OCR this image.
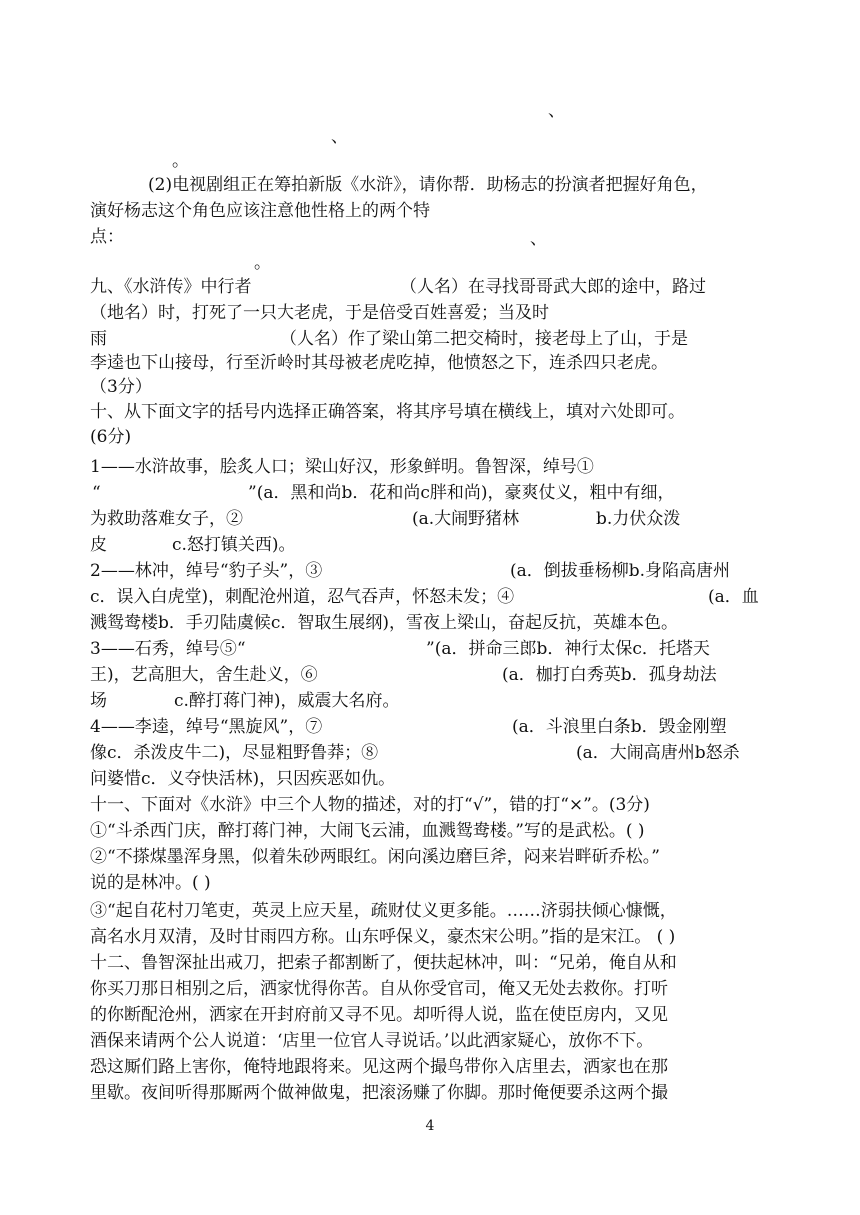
、
、
。
(2)电视剧组正在筹拍新版《水浒》，请你帮．助杨志的扮演者把握好角色，
演好杨志这个角色应该注意他性格上的两个特
点：	、
。
九、《水浒传》中行者	（人名）在寻找哥哥武大郎的途中，路过
（地名）时，打死了一只大老虎，于是倍受百姓喜爱；当及时
雨	（人名）作了梁山第二把交椅时，接老母上了山，于是
李逵也下山接母，行至沂岭时其母被老虎吃掉，他愤怒之下，连杀四只老虎。
（3分）
十、从下面文字的括号内选择正确答案，将其序号填在横线上，填对六处即可。
(6分)
1——水浒故事，脍炙人口；梁山好汉，形象鲜明。鲁智深，绰号①
“	”(a．黑和尚b．花和尚c胖和尚)，豪爽仗义，粗中有细，
为救助落难女子，②	(a.大闹野猪林	b.力伏众泼
皮	c.怒打镇关西)。
2——林冲，绰号“豹子头”，③	(a．倒拔垂杨柳b.身陷高唐州
c．误入白虎堂)，刺配沧州道，忍气吞声，怀怒未发；④	(a．血
溅鸳鸯楼b．手刃陆虞候c．智取生展纲)，雪夜上梁山，奋起反抗，英雄本色。
3——石秀，绰号⑤“	”(a．拼命三郎b．神行太保c．托塔天
王)，艺高胆大，舍生赴义，⑥	(a．枷打白秀英b．孤身劫法
场	c.醉打蒋门神)，威震大名府。
4——李逵，绰号“黑旋风”，⑦	(a．斗浪里白条b．毁金刚塑
像c．杀泼皮牛二)，尽显粗野鲁莽；⑧	(a．大闹高唐州b怒杀
问婆惜c．义夺快活林)，只因疾恶如仇。
十一、下面对《水浒》中三个人物的描述，对的打“√”，错的打“×”。(3分)
①“斗杀西门庆，醉打蒋门神，大闹飞云浦，血溅鸳鸯楼。”写的是武松。( )
②“不搽煤墨浑身黑，似着朱砂两眼红。闲向溪边磨巨斧，闷来岩畔斫乔松。”
说的是林冲。( )
③“起自花村刀笔吏，英灵上应天星，疏财仗义更多能。……济弱扶倾心慷慨，
高名水月双清，及时甘雨四方称。山东呼保义，豪杰宋公明。”指的是宋江。 ( )
十二、鲁智深扯出戒刀，把索子都割断了，便扶起林冲，叫：“兄弟，俺自从和
你买刀那日相别之后，洒家忧得你苦。自从你受官司，俺又无处去救你。打听
的你断配沧州，洒家在开封府前又寻不见。却听得人说，监在使臣房内，又见
酒保来请两个公人说道：‘店里一位官人寻说话。’以此洒家疑心，放你不下。
恐这厮们路上害你，俺特地跟将来。见这两个撮鸟带你入店里去，洒家也在那
里歇。夜间听得那厮两个做神做鬼，把滚汤赚了你脚。那时俺便要杀这两个撮
4
